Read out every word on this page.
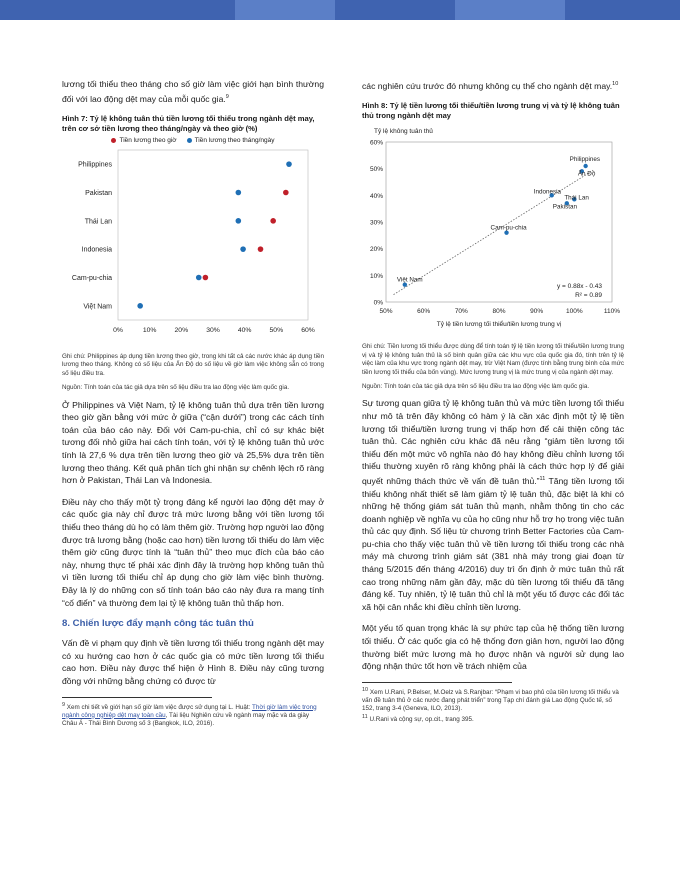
lương tối thiểu theo tháng cho số giờ làm việc giới hạn bình thường đối với lao động dệt may của mỗi quốc gia.$^9$

Hình 7: Tỷ lệ không tuân thủ tiền lương tối thiểu trong ngành dệt may, trên cơ sở tiền lương theo tháng/ngày và theo giờ (%)
Tiền lương theo giờ	Tiền lương theo tháng/ngày
Philippines
Pakistan
Thái Lan
Indonesia
Cam-pu-chia
Việt Nam
0%	10%	20%	30%	40%	50%	60%
Ghi chú: Philippines áp dụng tiền lương theo giờ, trong khi tất cả các nước khác áp dụng tiền lương theo tháng. Không có số liệu của Ấn Độ do số liệu về giờ làm việc không sẵn có trong số liệu điều tra.
Nguồn: Tính toán của tác giả dựa trên số liệu điều tra lao động việc làm quốc gia.

Ở Philippines và Việt Nam, tỷ lệ không tuân thủ dựa trên tiền lương theo giờ gần bằng với mức ở giữa (“cận dưới”) trong các cách tính toán của báo cáo này. Đối với Cam-pu-chia, chỉ có sự khác biệt tương đối nhỏ giữa hai cách tính toán, với tỷ lệ không tuân thủ ước tính là 27,6 % dựa trên tiền lương theo giờ và 25,5% dựa trên tiền lương theo tháng. Kết quả phân tích ghi nhận sự chênh lệch rõ ràng hơn ở Pakistan, Thái Lan và Indonesia.

Điều này cho thấy một tỷ trọng đáng kể người lao động dệt may ở các quốc gia này chỉ được trả mức lương bằng với tiền lương tối thiểu theo tháng dù họ có làm thêm giờ. Trường hợp người lao động được trả lương bằng (hoặc cao hơn) tiền lương tối thiểu do làm việc thêm giờ cũng được tính là “tuân thủ” theo mục đích của báo cáo này, nhưng thực tế phải xác định đây là trường hợp không tuân thủ vì tiền lương tối thiểu chỉ áp dụng cho giờ làm việc bình thường. Đây là lý do những con số tính toán báo cáo này đưa ra mang tính “cố điển” và thường đem lại tỷ lệ không tuân thủ thấp hơn.

8. Chiến lược đẩy mạnh công tác tuân thủ

Vấn đề vi phạm quy định về tiền lương tối thiểu trong ngành dệt may có xu hướng cao hơn ở các quốc gia có mức tiền lương tối thiểu cao hơn. Điều này được thể hiện ở Hình 8. Điều này cũng tương đồng với những bằng chứng có được từ

9 Xem chi tiết về giới hạn số giờ làm việc được sử dụng tại L. Huật: Thời giờ làm việc trong ngành công nghiệp dệt may toàn cầu, Tài liệu Nghiên cứu về ngành may mặc và da giày Châu Á - Thái Bình Dương số 3 (Bangkok, ILO, 2016).

các nghiên cứu trước đó nhưng không cụ thể cho ngành dệt may.$^{10}$

Hình 8: Tỷ lệ tiền lương tối thiểu/tiền lương trung vị và tỷ lệ không tuân thủ trong ngành dệt may
Tỷ lệ không tuân thủ
0%
10%
20%
30%
40%
50%
60%
50%	60%	70%	80%	90%	100%	110%
Tỷ lệ tiền lương tối thiểu/tiền lương trung vị
Philippines
Ấn Độ
Indonesia
Thái Lan
Pakistan
Cam-pu-chia
Việt Nam
y = 0.88x - 0.43
R² = 0.89
Ghi chú: Tiền lương tối thiểu được dùng để tính toán tỷ lệ tiền lương tối thiểu/tiền lương trung vị và tỷ lệ không tuân thủ là số bình quân giữa các khu vực của quốc gia đó, tính trên tỷ lệ việc làm của khu vực trong ngành dệt may, trừ Việt Nam (được tính bằng trung bình của mức tiền lương tối thiểu của bốn vùng). Mức lương trung vị là mức trung vị của ngành dệt may.
Nguồn: Tính toán của tác giả dựa trên số liệu điều tra lao động việc làm quốc gia.

Sự tương quan giữa tỷ lệ không tuân thủ và mức tiền lương tối thiểu như mô tả trên đây không có hàm ý là cần xác định một tỷ lệ tiền lương tối thiểu/tiền lương trung vị thấp hơn để cải thiện công tác tuân thủ. Các nghiên cứu khác đã nêu rằng “giảm tiền lương tối thiểu đến một mức vô nghĩa nào đó hay không điều chỉnh lương tối thiểu thường xuyên rõ ràng không phải là cách thức hợp lý để giải quyết những thách thức về vấn đề tuân thủ.”$^{11}$ Tăng tiền lương tối thiểu không nhất thiết sẽ làm giảm tỷ lệ tuân thủ, đặc biệt là khi có những hệ thống giám sát tuân thủ mạnh, nhằm thông tin cho các doanh nghiệp về nghĩa vụ của họ cũng như hỗ trợ họ trong việc tuân thủ các quy định. Số liệu từ chương trình Better Factories của Cam-pu-chia cho thấy việc tuân thủ về tiền lương tối thiểu trong các nhà máy mà chương trình giám sát (381 nhà máy trong giai đoạn từ tháng 5/2015 đến tháng 4/2016) duy trì ổn định ở mức tuân thủ rất cao trong những năm gần đây, mặc dù tiền lương tối thiểu đã tăng đáng kể. Tuy nhiên, tỷ lệ tuân thủ chỉ là một yếu tố được các đối tác xã hội cân nhắc khi điều chỉnh tiền lương.

Một yếu tố quan trọng khác là sự phức tạp của hệ thống tiền lương tối thiểu. Ở các quốc gia có hệ thống đơn giản hơn, người lao động thường biết mức lương mà họ được nhận và người sử dụng lao động nhận thức tốt hơn về trách nhiệm của

10 Xem U.Rani, P.Belser, M.Oelz và S.Ranjbar: “Phạm vi bao phủ của tiền lương tối thiểu và vấn đề tuân thủ ở các nước đang phát triển” trong Tạp chí đánh giá Lao động Quốc tế, số 152, trang 3-4 (Geneva, ILO, 2013).
11 U.Rani và cộng sự, op.cit., trang 395.
